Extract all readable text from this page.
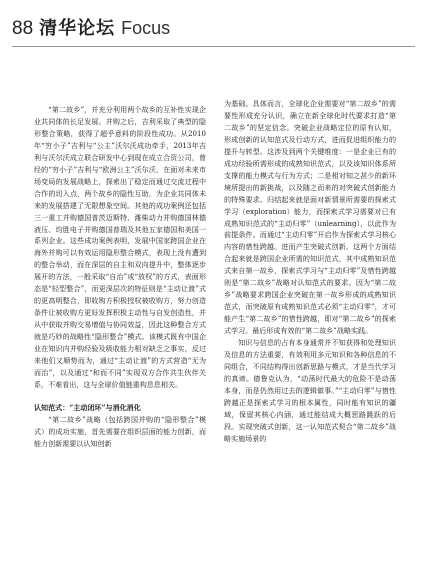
88 清华论坛 Focus

“第二故乡”，并充分利用两个故乡的互补性实现企业共同体的长足发展。并购之后，吉利采取了典型的隐形整合策略，获得了超乎意料的阶段性成功。从2010年“穷小子”吉利与“公主”沃尔沃成功牵手，2013年吉利与沃尔沃成立联合研发中心到现在成立合资公司，曾经的“穷小子”吉利与“欧洲公主”沃尔沃，在面对未来市场变局的发展战略上，探索出了稳定而通过交流过程中合作的切入点，两个故乡的隐性互助，为企业共同体未来的发展搭建了无限想象空间。其他的成功案例还包括三一重工并购德国普茨迈斯特、潍柴动力并购德国林德液压、均胜电子并购德国普瑞及其他五家德国和美国一系列企业。这些成功案例表明，发展中国家跨国企业在海外并购可以有效运用隐形整合模式，表现上没有遭到的整合举动，而在深层的自主和双向提升中，整体逐步展开的方法，一般采取“自治”或“放权”的方式，表面形态是“轻型整合”，而更深层次的特征则是“主动让渡”式的更高明整合，即收购方积极授权被收购方，努力创造条件让被收购方更好发挥积极主动性与自发创造性，并从中获取并购交易增值与协同效益，因此这种整合方式就是巧妙的战略性“隐形整合”模式。该模式既有中国企业在知识内并购经验及吸收能力相对缺乏之事实，反过来他们又顺势而为，通过“主动让渡”的方式营造“无为而治”，以及通过“和而不同”实现双方合作共生伙伴关系，不难看出，这与全球价值链重构息息相关。

认知范式：“主动闭环”与消化消化

“第二故乡”战略（包括跨国并购的“隐形整合”模式）的成功实施，首先需要在组织层面的能力创新，而能力创新需要以认知创新

为基础。具体而言，全球化企业需要对“第二故乡”的需要性形成充分认识，确立在新全球化时代要求打造“第二故乡”的坚定信念。突破企业战略定位的原有认知，形成创新的认知范式及行动方式，进而促进组织能力的提升与转型。这涉及到两个关键维度：一是企业已有的成功经验所需形成的成熟知识范式，以及该知识体系所支撑的能力模式与行为方式；二是相对知之甚少的新环境所提出的新挑战，以及随之而来的对突破式创新能力的特殊要求。归结起来就是面对新情景所需要的探索式学习（exploration）能力，而探索式学习需要对已有成熟知识范式的“主动归零”（unlearning），以此作为前提条件。而通过“主动归零”开启作为探索式学习核心内容的惜性跨越。进而产生突破式创新。这两个方面结合起来就是跨国企业所需的知识范式，其中成熟知识范式来自第一故乡，探索式学习与“主动归零”及惜性跨越则是“第二故乡”战略对认知范式的要求。因为“第二故乡”战略要求跨国企业突破在第一故乡形成的成熟知识范式，而突破原有成熟知识范式必须“主动归零”，才可能产生“第二故乡”的惜性跨越，即对“第二故乡”的探索式学习。最后形成有效的“第二故乡”战略实践。

知识与信息的占有本身通常并不知获得和处理知识及信息的方法重要，有效利用多元知识和各种信息的不同组合，不同结构得出创新思路与模式，才是当代学习的真谛。德鲁克认为，“动荡时代最大的危险不是动荡本身，而是仍然用过去的逻辑做事。”“主动归零”与惜性跨越正是探索式学习的根本属性，同时能有知识的疆域，保留其核心内涵，通过能结成大概思路跳跃的后段。实现突破式创新，这一认知范式契合“第二故乡”战略实施场景的
